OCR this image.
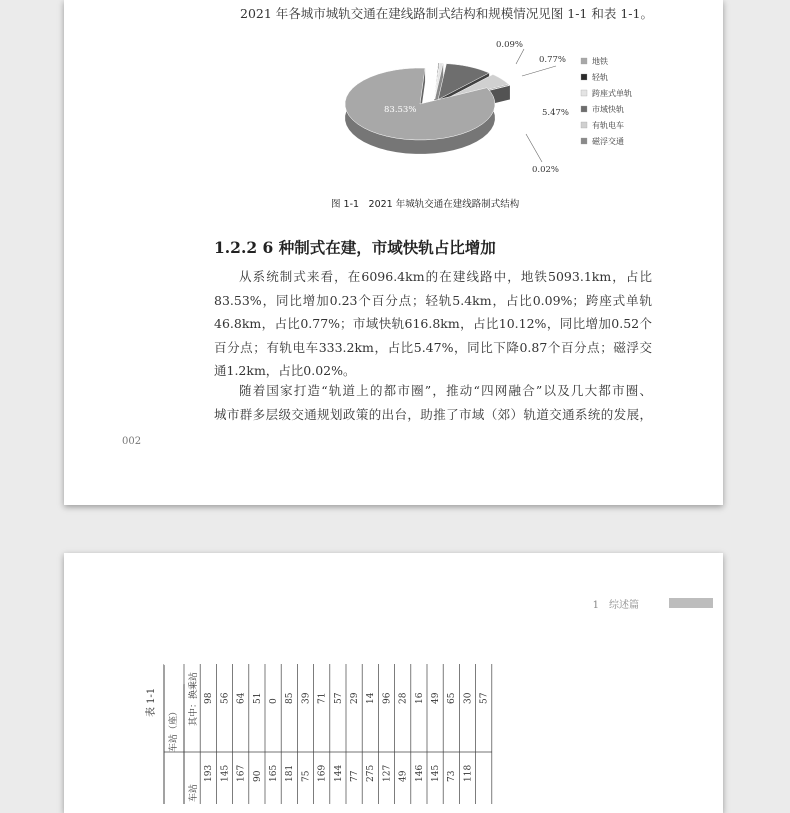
2021 年各城市城轨交通在建线路制式结构和规模情况见图 1-1 和表 1-1。
83.53%
0.09%
0.77%
10.12%
5.47%
0.02%
地铁
轻轨
跨座式单轨
市域快轨
有轨电车
磁浮交通
图 1-1　2021 年城轨交通在建线路制式结构
1.2.2 6 种制式在建，市域快轨占比增加
从系统制式来看，在6096.4km的在建线路中，地铁5093.1km，占比
83.53%，同比增加0.23个百分点；轻轨5.4km，占比0.09%；跨座式单轨
46.8km，占比0.77%；市域快轨616.8km，占比10.12%，同比增加0.52个
百分点；有轨电车333.2km，占比5.47%，同比下降0.87个百分点；磁浮交
通1.2km，占比0.02%。
随着国家打造“轨道上的都市圈”，推动“四网融合”以及几大都市圈、
城市群多层级交通规划政策的出台，助推了市域（郊）轨道交通系统的发展，
002
1　综述篇
表 1-1
车站（座）
其中：换乘站
车站
98 56 64 51 0 85 39 71 57 29 14 96 28 16 49 65 30 57
193 145 167 90 165 181 75 169 144 77 275 127 49 146 145 73 118
